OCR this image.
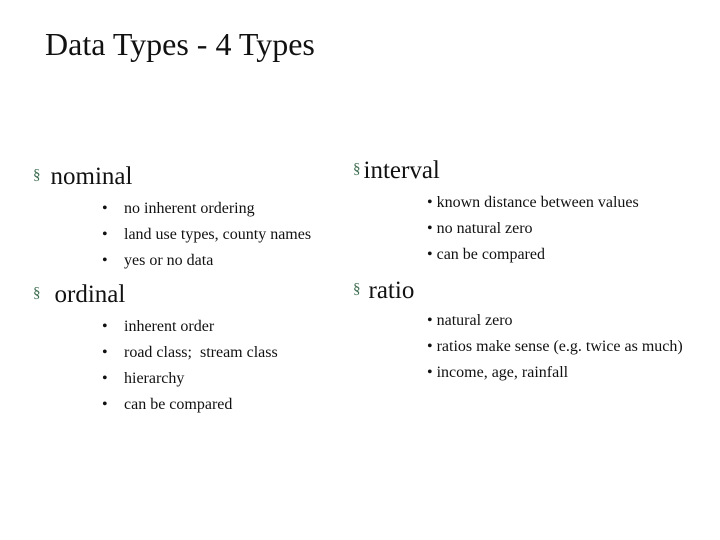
Data Types - 4 Types
§ nominal
• no inherent ordering
• land use types, county names
• yes or no data
§ ordinal
• inherent order
• road class;  stream class
• hierarchy
• can be compared
§ interval
• known distance between values
• no natural zero
• can be compared
§ ratio
• natural zero
• ratios make sense (e.g. twice as much)
• income, age, rainfall
